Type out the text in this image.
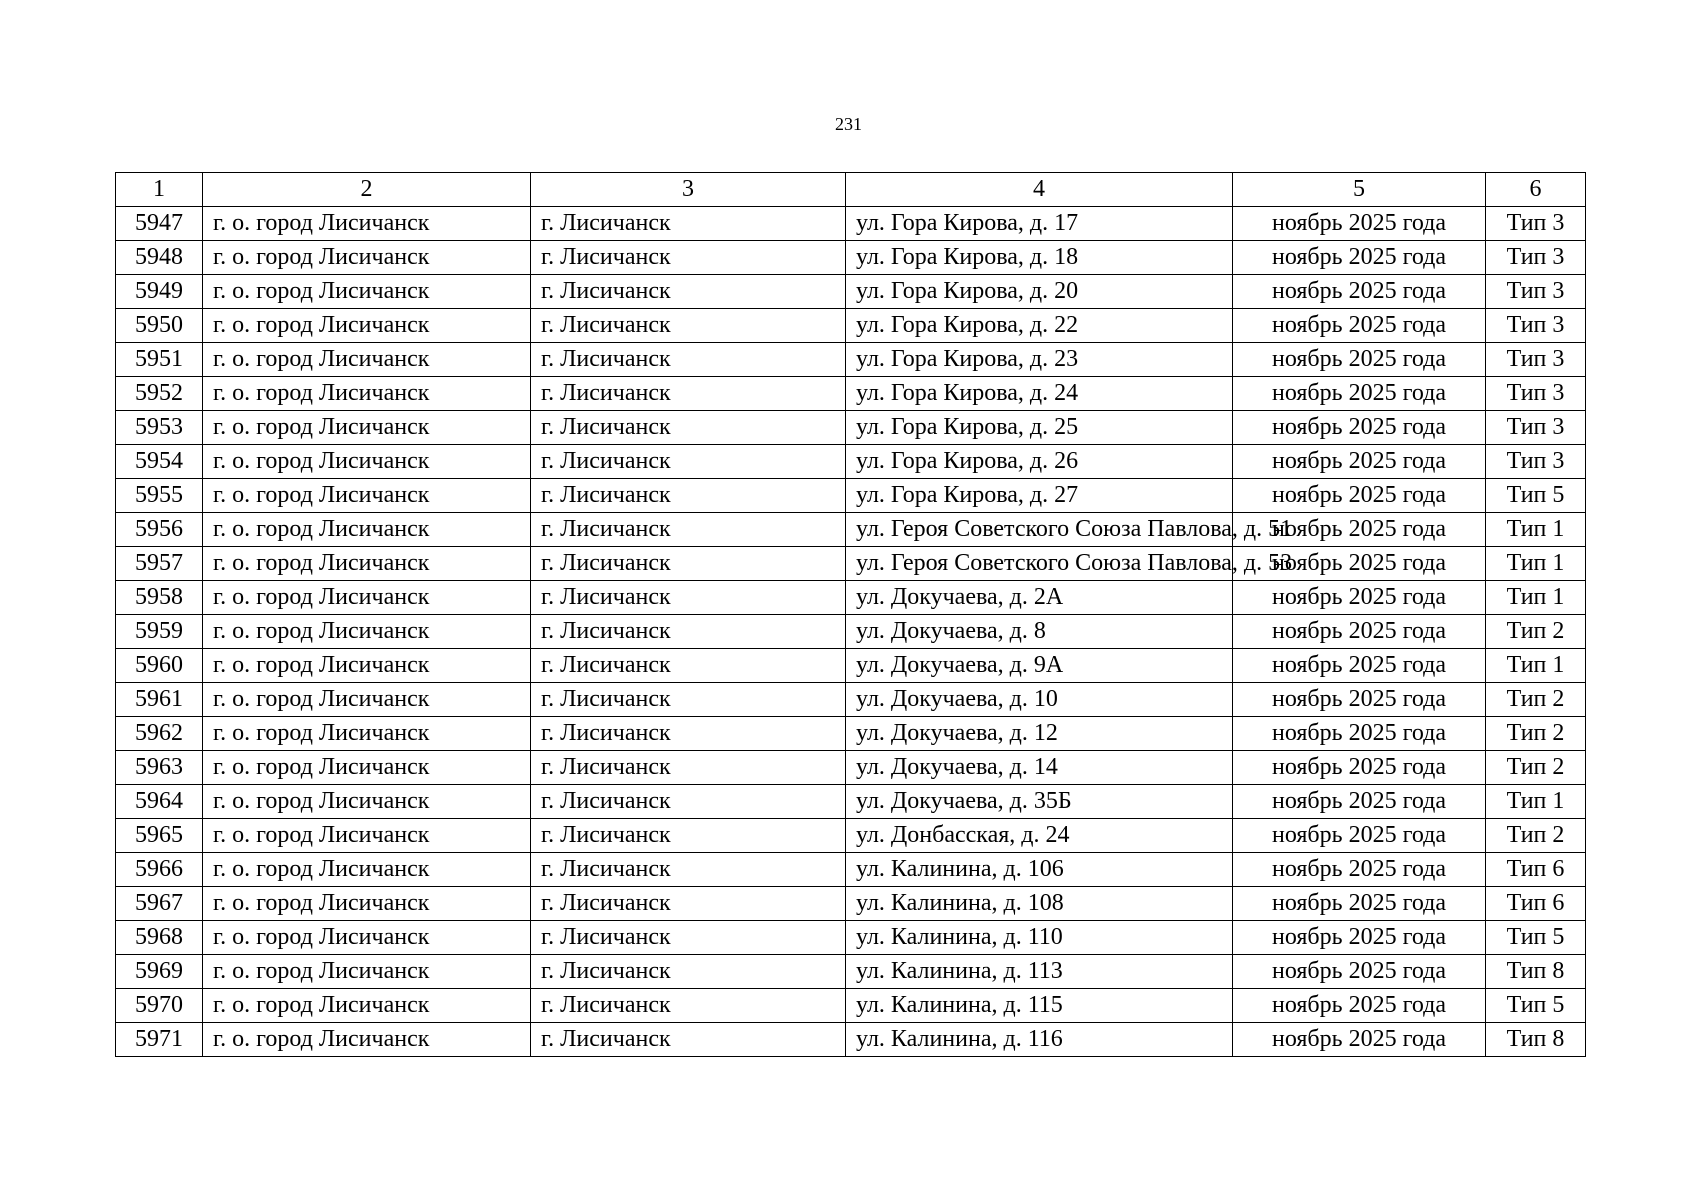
231
1	2	3	4	5	6
5947	г. о. город Лисичанск	г. Лисичанск	ул. Гора Кирова, д. 17	ноябрь 2025 года	Тип 3
5948	г. о. город Лисичанск	г. Лисичанск	ул. Гора Кирова, д. 18	ноябрь 2025 года	Тип 3
5949	г. о. город Лисичанск	г. Лисичанск	ул. Гора Кирова, д. 20	ноябрь 2025 года	Тип 3
5950	г. о. город Лисичанск	г. Лисичанск	ул. Гора Кирова, д. 22	ноябрь 2025 года	Тип 3
5951	г. о. город Лисичанск	г. Лисичанск	ул. Гора Кирова, д. 23	ноябрь 2025 года	Тип 3
5952	г. о. город Лисичанск	г. Лисичанск	ул. Гора Кирова, д. 24	ноябрь 2025 года	Тип 3
5953	г. о. город Лисичанск	г. Лисичанск	ул. Гора Кирова, д. 25	ноябрь 2025 года	Тип 3
5954	г. о. город Лисичанск	г. Лисичанск	ул. Гора Кирова, д. 26	ноябрь 2025 года	Тип 3
5955	г. о. город Лисичанск	г. Лисичанск	ул. Гора Кирова, д. 27	ноябрь 2025 года	Тип 5
5956	г. о. город Лисичанск	г. Лисичанск	ул. Героя Советского Союза Павлова, д. 51	ноябрь 2025 года	Тип 1
5957	г. о. город Лисичанск	г. Лисичанск	ул. Героя Советского Союза Павлова, д. 53	ноябрь 2025 года	Тип 1
5958	г. о. город Лисичанск	г. Лисичанск	ул. Докучаева, д. 2А	ноябрь 2025 года	Тип 1
5959	г. о. город Лисичанск	г. Лисичанск	ул. Докучаева, д. 8	ноябрь 2025 года	Тип 2
5960	г. о. город Лисичанск	г. Лисичанск	ул. Докучаева, д. 9А	ноябрь 2025 года	Тип 1
5961	г. о. город Лисичанск	г. Лисичанск	ул. Докучаева, д. 10	ноябрь 2025 года	Тип 2
5962	г. о. город Лисичанск	г. Лисичанск	ул. Докучаева, д. 12	ноябрь 2025 года	Тип 2
5963	г. о. город Лисичанск	г. Лисичанск	ул. Докучаева, д. 14	ноябрь 2025 года	Тип 2
5964	г. о. город Лисичанск	г. Лисичанск	ул. Докучаева, д. 35Б	ноябрь 2025 года	Тип 1
5965	г. о. город Лисичанск	г. Лисичанск	ул. Донбасская, д. 24	ноябрь 2025 года	Тип 2
5966	г. о. город Лисичанск	г. Лисичанск	ул. Калинина, д. 106	ноябрь 2025 года	Тип 6
5967	г. о. город Лисичанск	г. Лисичанск	ул. Калинина, д. 108	ноябрь 2025 года	Тип 6
5968	г. о. город Лисичанск	г. Лисичанск	ул. Калинина, д. 110	ноябрь 2025 года	Тип 5
5969	г. о. город Лисичанск	г. Лисичанск	ул. Калинина, д. 113	ноябрь 2025 года	Тип 8
5970	г. о. город Лисичанск	г. Лисичанск	ул. Калинина, д. 115	ноябрь 2025 года	Тип 5
5971	г. о. город Лисичанск	г. Лисичанск	ул. Калинина, д. 116	ноябрь 2025 года	Тип 8
